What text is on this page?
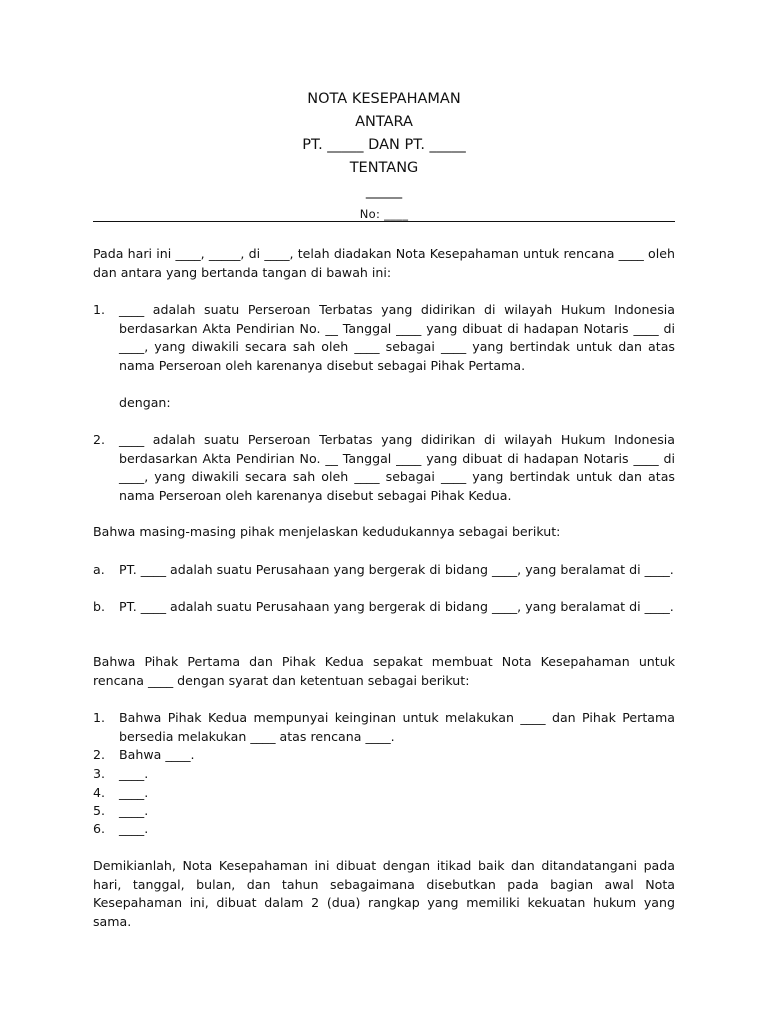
NOTA KESEPAHAMAN
ANTARA
PT. _____ DAN PT. _____
TENTANG
_____
No: ____

Pada hari ini ____, _____, di ____, telah diadakan Nota Kesepahaman untuk rencana ____ oleh dan antara yang bertanda tangan di bawah ini:

1. ____ adalah suatu Perseroan Terbatas yang didirikan di wilayah Hukum Indonesia berdasarkan Akta Pendirian No. __ Tanggal ____ yang dibuat di hadapan Notaris ____ di ____, yang diwakili secara sah oleh ____ sebagai ____ yang bertindak untuk dan atas nama Perseroan oleh karenanya disebut sebagai Pihak Pertama.

dengan:

2. ____ adalah suatu Perseroan Terbatas yang didirikan di wilayah Hukum Indonesia berdasarkan Akta Pendirian No. __ Tanggal ____ yang dibuat di hadapan Notaris ____ di ____, yang diwakili secara sah oleh ____ sebagai ____ yang bertindak untuk dan atas nama Perseroan oleh karenanya disebut sebagai Pihak Kedua.

Bahwa masing-masing pihak menjelaskan kedudukannya sebagai berikut:

a. PT. ____ adalah suatu Perusahaan yang bergerak di bidang ____, yang beralamat di ____.
b. PT. ____ adalah suatu Perusahaan yang bergerak di bidang ____, yang beralamat di ____.

Bahwa Pihak Pertama dan Pihak Kedua sepakat membuat Nota Kesepahaman untuk rencana ____ dengan syarat dan ketentuan sebagai berikut:

1. Bahwa Pihak Kedua mempunyai keinginan untuk melakukan ____ dan Pihak Pertama bersedia melakukan ____ atas rencana ____.
2. Bahwa ____.
3. ____.
4. ____.
5. ____.
6. ____.

Demikianlah, Nota Kesepahaman ini dibuat dengan itikad baik dan ditandatangani pada hari, tanggal, bulan, dan tahun sebagaimana disebutkan pada bagian awal Nota Kesepahaman ini, dibuat dalam 2 (dua) rangkap yang memiliki kekuatan hukum yang sama.
